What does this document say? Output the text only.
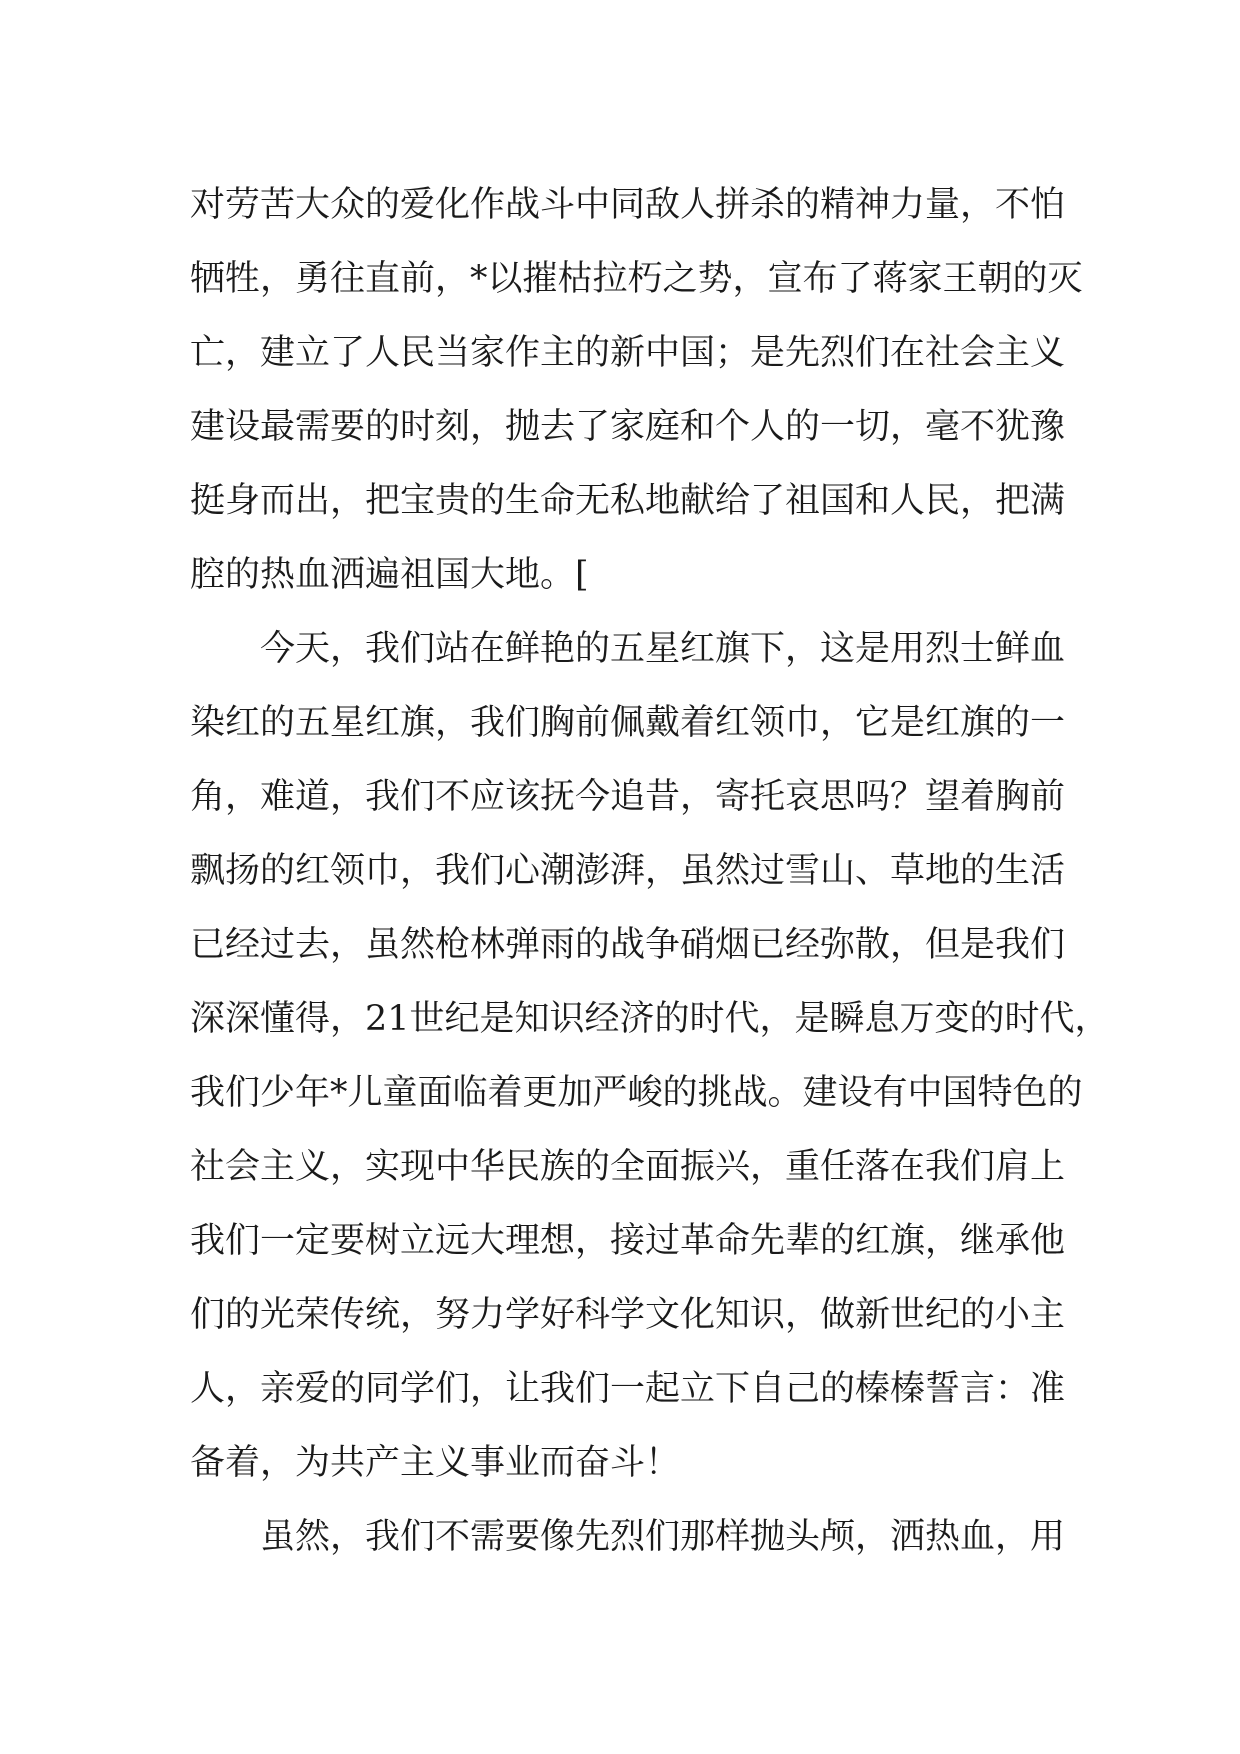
对劳苦大众的爱化作战斗中同敌人拼杀的精神力量，不怕
牺牲，勇往直前，*以摧枯拉朽之势，宣布了蒋家王朝的灭
亡，建立了人民当家作主的新中国；是先烈们在社会主义
建设最需要的时刻，抛去了家庭和个人的一切，毫不犹豫
挺身而出，把宝贵的生命无私地献给了祖国和人民，把满
腔的热血洒遍祖国大地。[
今天，我们站在鲜艳的五星红旗下，这是用烈士鲜血
染红的五星红旗，我们胸前佩戴着红领巾，它是红旗的一
角，难道，我们不应该抚今追昔，寄托哀思吗？望着胸前
飘扬的红领巾，我们心潮澎湃，虽然过雪山、草地的生活
已经过去，虽然枪林弹雨的战争硝烟已经弥散，但是我们
深深懂得，21世纪是知识经济的时代，是瞬息万变的时代，
我们少年*儿童面临着更加严峻的挑战。建设有中国特色的
社会主义，实现中华民族的全面振兴，重任落在我们肩上
我们一定要树立远大理想，接过革命先辈的红旗，继承他
们的光荣传统，努力学好科学文化知识，做新世纪的小主
人，亲爱的同学们，让我们一起立下自己的榛榛誓言：准
备着，为共产主义事业而奋斗！
虽然，我们不需要像先烈们那样抛头颅，洒热血，用
